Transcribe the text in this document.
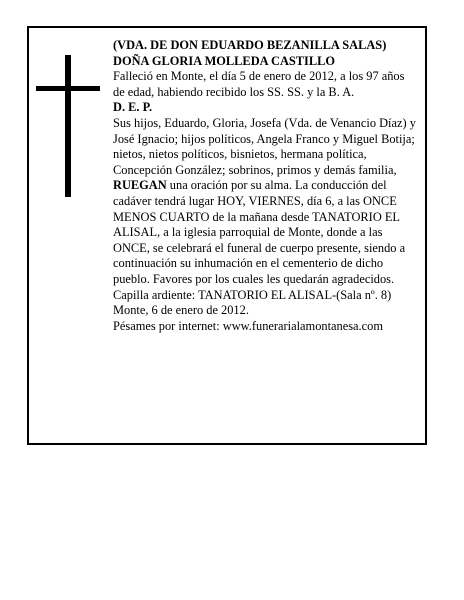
(VDA. DE DON EDUARDO BEZANILLA SALAS)

DOÑA GLORIA MOLLEDA CASTILLO

Falleció en Monte, el día 5 de enero de 2012, a los 97 años de edad, habiendo recibido los SS. SS. y la B. A.

D. E. P.

Sus hijos, Eduardo, Gloria, Josefa (Vda. de Venancio Díaz) y José Ignacio; hijos políticos, Angela Franco y Miguel Botija; nietos, nietos políticos, bisnietos, hermana política, Concepción González; sobrinos, primos y demás familia,

RUEGAN una oración por su alma. La conducción del cadáver tendrá lugar HOY, VIERNES, día 6, a las ONCE MENOS CUARTO de la mañana desde TANATORIO EL ALISAL, a la iglesia parroquial de Monte, donde a las ONCE, se celebrará el funeral de cuerpo presente, siendo a continuación su inhumación en el cementerio de dicho pueblo. Favores por los cuales les quedarán agradecidos. Capilla ardiente: TANATORIO EL ALISAL-(Sala nº. 8)

Monte, 6 de enero de 2012.

Pésames por internet: www.funerarialamontanesa.com
